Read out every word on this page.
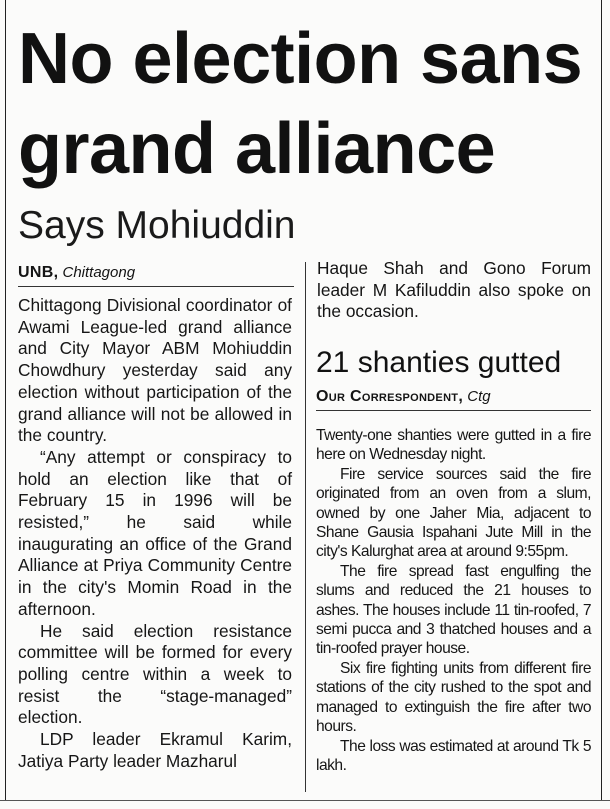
No election sans
grand alliance
Says Mohiuddin
UNB, Chittagong

Chittagong Divisional coordinator of Awami League-led grand alliance and City Mayor ABM Mohiuddin Chowdhury yesterday said any election without participation of the grand alliance will not be allowed in the country.

“Any attempt or conspiracy to hold an election like that of February 15 in 1996 will be resisted,” he said while inaugurating an office of the Grand Alliance at Priya Community Centre in the city's Momin Road in the afternoon.

He said election resistance committee will be formed for every polling centre within a week to resist the “stage-managed” election.

LDP leader Ekramul Karim, Jatiya Party leader Mazharul

Haque Shah and Gono Forum leader M Kafiluddin also spoke on the occasion.

21 shanties gutted
Our Correspondent, Ctg

Twenty-one shanties were gutted in a fire here on Wednesday night.

Fire service sources said the fire originated from an oven from a slum, owned by one Jaher Mia, adjacent to Shane Gausia Ispahani Jute Mill in the city's Kalurghat area at around 9:55pm.

The fire spread fast engulfing the slums and reduced the 21 houses to ashes. The houses include 11 tin-roofed, 7 semi pucca and 3 thatched houses and a tin-roofed prayer house.

Six fire fighting units from different fire stations of the city rushed to the spot and managed to extinguish the fire after two hours.

The loss was estimated at around Tk 5 lakh.
